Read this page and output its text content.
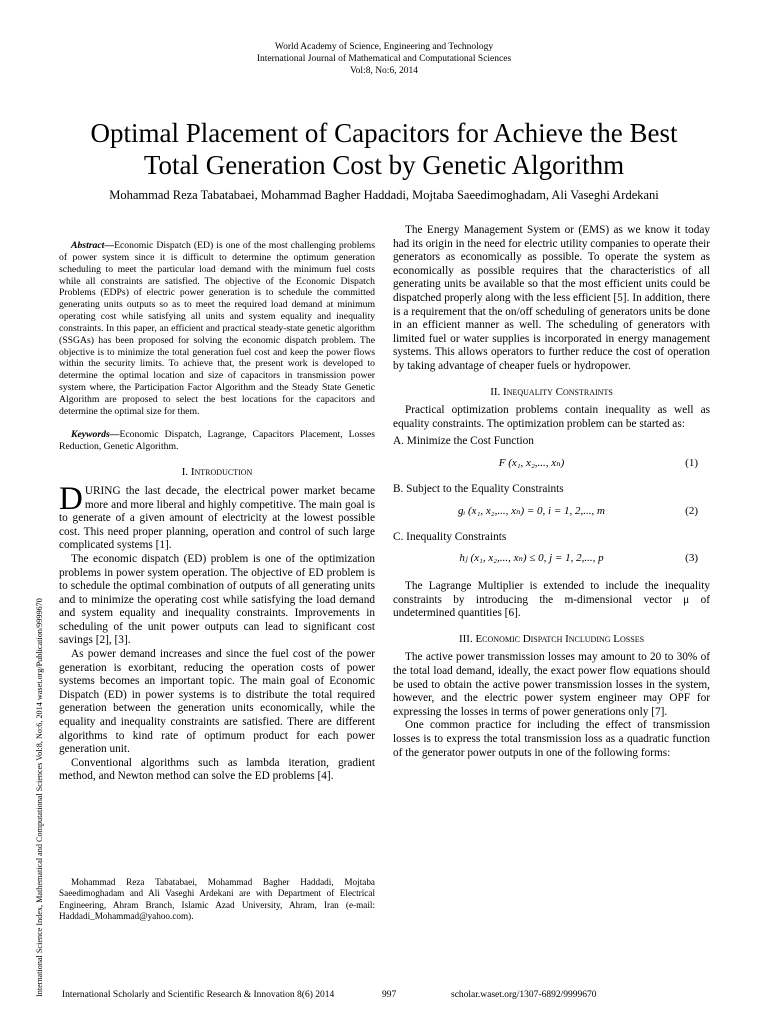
World Academy of Science, Engineering and Technology
International Journal of Mathematical and Computational Sciences
Vol:8, No:6, 2014
Optimal Placement of Capacitors for Achieve the Best
Total Generation Cost by Genetic Algorithm
Mohammad Reza Tabatabaei, Mohammad Bagher Haddadi, Mojtaba Saeedimoghadam, Ali Vaseghi Ardekani
International Science Index, Mathematical and Computational Sciences Vol:8, No:6, 2014 waset.org/Publication/9999670
Abstract—Economic Dispatch (ED) is one of the most challenging problems of power system since it is difficult to determine the optimum generation scheduling to meet the particular load demand with the minimum fuel costs while all constraints are satisfied. The objective of the Economic Dispatch Problems (EDPs) of electric power generation is to schedule the committed generating units outputs so as to meet the required load demand at minimum operating cost while satisfying all units and system equality and inequality constraints. In this paper, an efficient and practical steady-state genetic algorithm (SSGAs) has been proposed for solving the economic dispatch problem. The objective is to minimize the total generation fuel cost and keep the power flows within the security limits. To achieve that, the present work is developed to determine the optimal location and size of capacitors in transmission power system where, the Participation Factor Algorithm and the Steady State Genetic Algorithm are proposed to select the best locations for the capacitors and determine the optimal size for them.
Keywords—Economic Dispatch, Lagrange, Capacitors Placement, Losses Reduction, Genetic Algorithm.
I. Introduction

DURING the last decade, the electrical power market became more and more liberal and highly competitive. The main goal is to generate of a given amount of electricity at the lowest possible cost. This need proper planning, operation and control of such large complicated systems [1].

The economic dispatch (ED) problem is one of the optimization problems in power system operation. The objective of ED problem is to schedule the optimal combination of outputs of all generating units and to minimize the operating cost while satisfying the load demand and system equality and inequality constraints. Improvements in scheduling of the unit power outputs can lead to significant cost savings [2], [3].

As power demand increases and since the fuel cost of the power generation is exorbitant, reducing the operation costs of power systems becomes an important topic. The main goal of Economic Dispatch (ED) in power systems is to distribute the total required generation between the generation units economically, while the equality and inequality constraints are satisfied. There are different algorithms to kind rate of optimum product for each power generation unit.

Conventional algorithms such as lambda iteration, gradient method, and Newton method can solve the ED problems [4].

Mohammad Reza Tabatabaei, Mohammad Bagher Haddadi, Mojtaba Saeedimoghadam and Ali Vaseghi Ardekani are with Department of Electrical Engineering, Ahram Branch, Islamic Azad University, Ahram, Iran (e-mail: Haddadi_Mohammad@yahoo.com).

The Energy Management System or (EMS) as we know it today had its origin in the need for electric utility companies to operate their generators as economically as possible. To operate the system as economically as possible requires that the characteristics of all generating units be available so that the most efficient units could be dispatched properly along with the less efficient [5]. In addition, there is a requirement that the on/off scheduling of generators units be done in an efficient manner as well. The scheduling of generators with limited fuel or water supplies is incorporated in energy management systems. This allows operators to further reduce the cost of operation by taking advantage of cheaper fuels or hydropower.

II. Inequality Constraints

Practical optimization problems contain inequality as well as equality constraints. The optimization problem can be started as:

A. Minimize the Cost Function
F (x₁, x₂,..., xₙ)	(1)
B. Subject to the Equality Constraints
gᵢ (x₁, x₂,..., xₙ) = 0, i = 1, 2,..., m	(2)
C. Inequality Constraints
hⱼ (x₁, x₂,..., xₙ) ≤ 0, j = 1, 2,..., p	(3)

The Lagrange Multiplier is extended to include the inequality constraints by introducing the m-dimensional vector μ of undetermined quantities [6].

III. Economic Dispatch Including Losses

The active power transmission losses may amount to 20 to 30% of the total load demand, ideally, the exact power flow equations should be used to obtain the active power transmission losses in the system, however, and the electric power system engineer may OPF for expressing the losses in terms of power generations only [7].

One common practice for including the effect of transmission losses is to express the total transmission loss as a quadratic function of the generator power outputs in one of the following forms:

International Scholarly and Scientific Research & Innovation 8(6) 2014	997	scholar.waset.org/1307-6892/9999670
